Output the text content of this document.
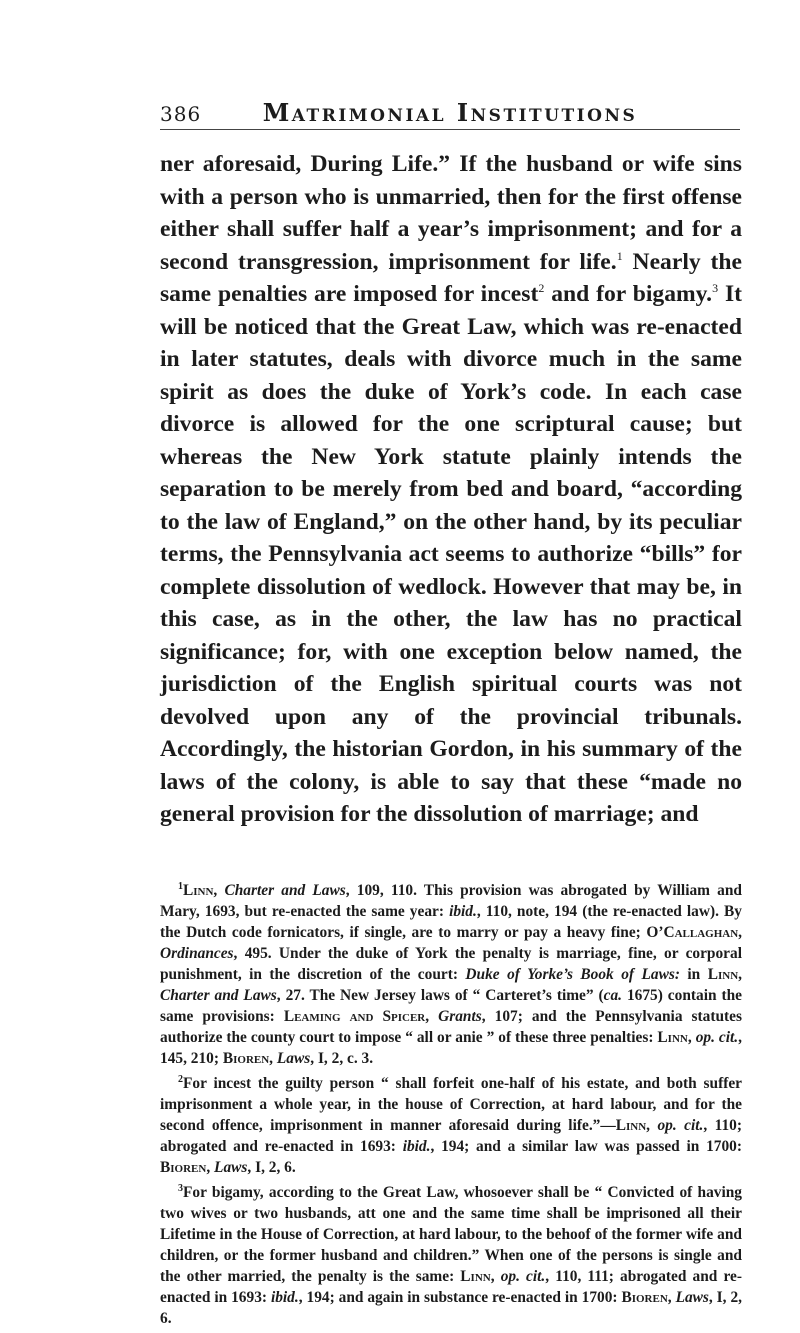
386	Matrimonial Institutions

ner aforesaid, During Life.” If the husband or wife sins with a person who is unmarried, then for the first offense either shall suffer half a year’s imprisonment; and for a second transgression, imprisonment for life.$^1$ Nearly the same penalties are imposed for incest$^2$ and for bigamy.$^3$ It will be noticed that the Great Law, which was re-enacted in later statutes, deals with divorce much in the same spirit as does the duke of York’s code. In each case divorce is allowed for the one scriptural cause; but whereas the New York statute plainly intends the separation to be merely from bed and board, “according to the law of England,” on the other hand, by its peculiar terms, the Pennsylvania act seems to authorize “bills” for complete dissolution of wedlock. However that may be, in this case, as in the other, the law has no practical significance; for, with one exception below named, the jurisdiction of the English spiritual courts was not devolved upon any of the provincial tribunals. Accordingly, the historian Gordon, in his summary of the laws of the colony, is able to say that these “made no general provision for the dissolution of marriage; and

$^1$Linn, Charter and Laws, 109, 110. This provision was abrogated by William and Mary, 1693, but re-enacted the same year: ibid., 110, note, 194 (the re-enacted law). By the Dutch code fornicators, if single, are to marry or pay a heavy fine; O’Callaghan, Ordinances, 495. Under the duke of York the penalty is marriage, fine, or corporal punishment, in the discretion of the court: Duke of Yorke’s Book of Laws: in Linn, Charter and Laws, 27. The New Jersey laws of “ Carteret’s time” (ca. 1675) contain the same provisions: Leaming and Spicer, Grants, 107; and the Pennsylvania statutes authorize the county court to impose “ all or anie ” of these three penalties: Linn, op. cit., 145, 210; Bioren, Laws, I, 2, c. 3.

$^2$For incest the guilty person “ shall forfeit one-half of his estate, and both suffer imprisonment a whole year, in the house of Correction, at hard labour, and for the second offence, imprisonment in manner aforesaid during life.”—Linn, op. cit., 110; abrogated and re-enacted in 1693: ibid., 194; and a similar law was passed in 1700: Bioren, Laws, I, 2, 6.

$^3$For bigamy, according to the Great Law, whosoever shall be “ Convicted of having two wives or two husbands, att one and the same time shall be imprisoned all their Lifetime in the House of Correction, at hard labour, to the behoof of the former wife and children, or the former husband and children.” When one of the persons is single and the other married, the penalty is the same: Linn, op. cit., 110, 111; abrogated and re-enacted in 1693: ibid., 194; and again in substance re-enacted in 1700: Bioren, Laws, I, 2, 6.
